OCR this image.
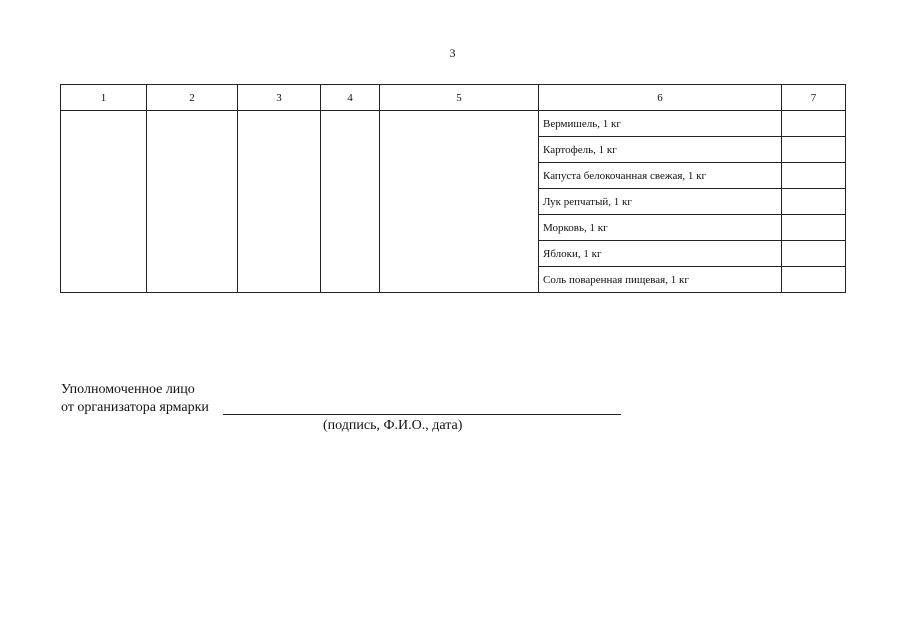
3
1	2	3	4	5	6	7
					Вермишель, 1 кг	
					Картофель, 1 кг	
					Капуста белокочанная свежая, 1 кг	
					Лук репчатый, 1 кг	
					Морковь, 1 кг	
					Яблоки, 1 кг	
					Соль поваренная пищевая, 1 кг	
Уполномоченное лицо
от организатора ярмарки
(подпись, Ф.И.О., дата)
